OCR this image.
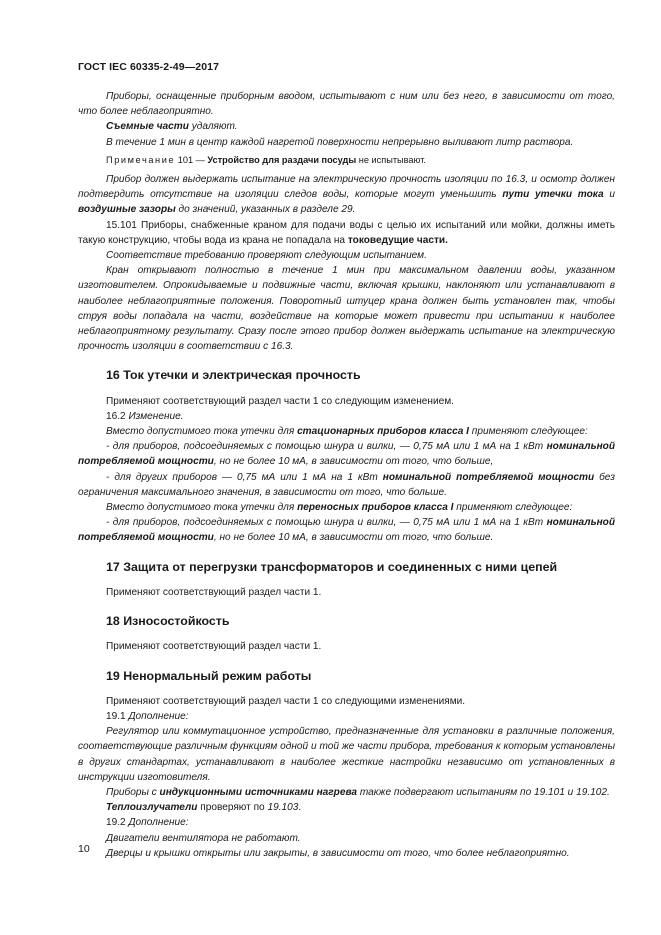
ГОСТ IEC 60335-2-49—2017

Приборы, оснащенные приборным вводом, испытывают с ним или без него, в зависимости от того, что более неблагоприятно.

Съемные части удаляют.

В течение 1 мин в центр каждой нагретой поверхности непрерывно выливают литр раствора.

Примечание 101 — Устройство для раздачи посуды не испытывают.

Прибор должен выдержать испытание на электрическую прочность изоляции по 16.3, и осмотр должен подтвердить отсутствие на изоляции следов воды, которые могут уменьшить пути утечки тока и воздушные зазоры до значений, указанных в разделе 29.

15.101 Приборы, снабженные краном для подачи воды с целью их испытаний или мойки, должны иметь такую конструкцию, чтобы вода из крана не попадала на токоведущие части.

Соответствие требованию проверяют следующим испытанием.

Кран открывают полностью в течение 1 мин при максимальном давлении воды, указанном изготовителем. Опрокидываемые и подвижные части, включая крышки, наклоняют или устанавливают в наиболее неблагоприятные положения. Поворотный штуцер крана должен быть установлен так, чтобы струя воды попадала на части, воздействие на которые может привести при испытании к наиболее неблагоприятному результату. Сразу после этого прибор должен выдержать испытание на электрическую прочность изоляции в соответствии с 16.3.

16 Ток утечки и электрическая прочность

Применяют соответствующий раздел части 1 со следующим изменением.

16.2 Изменение.

Вместо допустимого тока утечки для стационарных приборов класса I применяют следующее:

- для приборов, подсоединяемых с помощью шнура и вилки, — 0,75 мА или 1 мА на 1 кВт номинальной потребляемой мощности, но не более 10 мА, в зависимости от того, что больше,

- для других приборов — 0,75 мА или 1 мА на 1 кВт номинальной потребляемой мощности без ограничения максимального значения, в зависимости от того, что больше.

Вместо допустимого тока утечки для переносных приборов класса I применяют следующее:

- для приборов, подсоединяемых с помощью шнура и вилки, — 0,75 мА или 1 мА на 1 кВт номинальной потребляемой мощности, но не более 10 мА, в зависимости от того, что больше.

17 Защита от перегрузки трансформаторов и соединенных с ними цепей

Применяют соответствующий раздел части 1.

18 Износостойкость

Применяют соответствующий раздел части 1.

19 Ненормальный режим работы

Применяют соответствующий раздел части 1 со следующими изменениями.

19.1 Дополнение:

Регулятор или коммутационное устройство, предназначенные для установки в различные положения, соответствующие различным функциям одной и той же части прибора, требования к которым установлены в других стандартах, устанавливают в наиболее жесткие настройки независимо от установленных в инструкции изготовителя.

Приборы с индукционными источниками нагрева также подвергают испытаниям по 19.101 и 19.102.

Теплоизлучатели проверяют по 19.103.

19.2 Дополнение:

Двигатели вентилятора не работают.

Дверцы и крышки открыты или закрыты, в зависимости от того, что более неблагоприятно.

10
